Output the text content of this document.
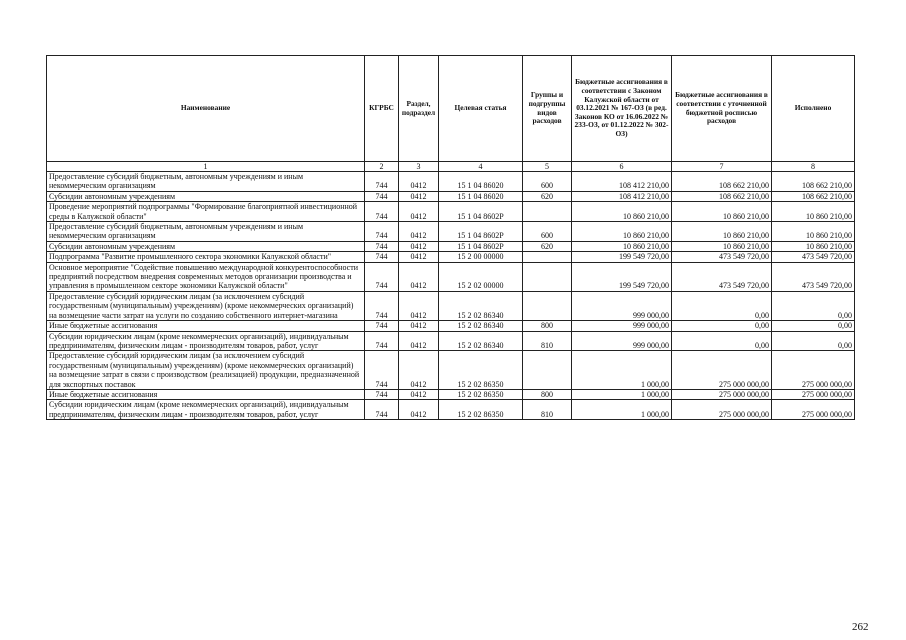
Наименование	КГРБС	Раздел, подраздел	Целевая статья	Группы и подгруппы видов расходов	Бюджетные ассигнования в соответствии с Законом Калужской области от 03.12.2021 № 167-ОЗ (в ред. Законов КО от 16.06.2022 № 233-ОЗ, от 01.12.2022 № 302-ОЗ)	Бюджетные ассигнования в соответствии с уточненной бюджетной росписью расходов	Исполнено
1	2	3	4	5	6	7	8
Предоставление субсидий бюджетным, автономным учреждениям и иным некоммерческим организациям	744	0412	15 1 04 86020	600	108 412 210,00	108 662 210,00	108 662 210,00
Субсидии автономным учреждениям	744	0412	15 1 04 86020	620	108 412 210,00	108 662 210,00	108 662 210,00
Проведение мероприятий подпрограммы "Формирование благоприятной инвестиционной среды в Калужской области"	744	0412	15 1 04 8602Р		10 860 210,00	10 860 210,00	10 860 210,00
Предоставление субсидий бюджетным, автономным учреждениям и иным некоммерческим организациям	744	0412	15 1 04 8602Р	600	10 860 210,00	10 860 210,00	10 860 210,00
Субсидии автономным учреждениям	744	0412	15 1 04 8602Р	620	10 860 210,00	10 860 210,00	10 860 210,00
Подпрограмма "Развитие промышленного сектора экономики Калужской области"	744	0412	15 2 00 00000		199 549 720,00	473 549 720,00	473 549 720,00
Основное мероприятие "Содействие повышению международной конкурентоспособности предприятий посредством внедрения современных методов организации производства и управления в промышленном секторе экономики Калужской области"	744	0412	15 2 02 00000		199 549 720,00	473 549 720,00	473 549 720,00
Предоставление субсидий юридическим лицам (за исключением субсидий государственным (муниципальным) учреждениям) (кроме некоммерческих организаций) на возмещение части затрат на услуги по созданию собственного интернет-магазина	744	0412	15 2 02 86340		999 000,00	0,00	0,00
Иные бюджетные ассигнования	744	0412	15 2 02 86340	800	999 000,00	0,00	0,00
Субсидии юридическим лицам (кроме некоммерческих организаций), индивидуальным предпринимателям, физическим лицам - производителям товаров, работ, услуг	744	0412	15 2 02 86340	810	999 000,00	0,00	0,00
Предоставление субсидий юридическим лицам (за исключением субсидий государственным (муниципальным) учреждениям) (кроме некоммерческих организаций) на возмещение затрат в связи с производством (реализацией) продукции, предназначенной для экспортных поставок	744	0412	15 2 02 86350		1 000,00	275 000 000,00	275 000 000,00
Иные бюджетные ассигнования	744	0412	15 2 02 86350	800	1 000,00	275 000 000,00	275 000 000,00
Субсидии юридическим лицам (кроме некоммерческих организаций), индивидуальным предпринимателям, физическим лицам - производителям товаров, работ, услуг	744	0412	15 2 02 86350	810	1 000,00	275 000 000,00	275 000 000,00
262
